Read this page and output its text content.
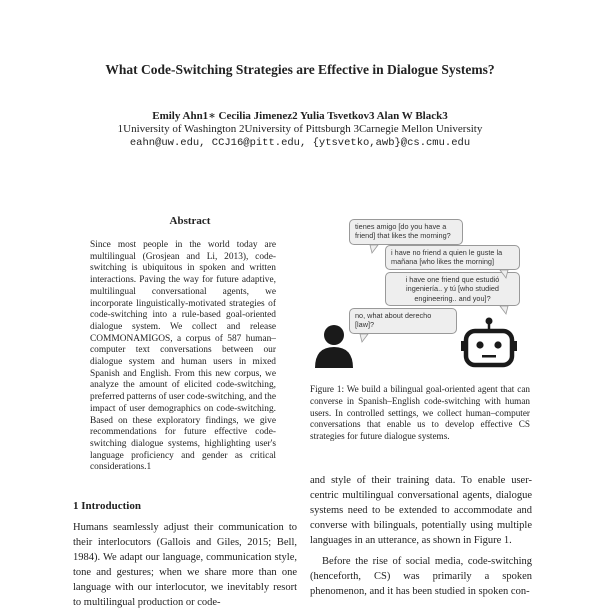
What Code-Switching Strategies are Effective in Dialogue Systems?
Emily Ahn1∗ Cecilia Jimenez2 Yulia Tsvetkov3 Alan W Black3
1University of Washington 2University of Pittsburgh 3Carnegie Mellon University
eahn@uw.edu, CCJ16@pitt.edu, {ytsvetko,awb}@cs.cmu.edu
Abstract
Since most people in the world today are multilingual (Grosjean and Li, 2013), code-switching is ubiquitous in spoken and written interactions. Paving the way for future adaptive, multilingual conversational agents, we incorporate linguistically-motivated strategies of code-switching into a rule-based goal-oriented dialogue system. We collect and release COMMONAMIGOS, a corpus of 587 human–computer text conversations between our dialogue system and human users in mixed Spanish and English. From this new corpus, we analyze the amount of elicited code-switching, preferred patterns of user code-switching, and the impact of user demographics on code-switching. Based on these exploratory findings, we give recommendations for future effective code-switching dialogue systems, highlighting user's language proficiency and gender as critical considerations.1
1 Introduction
Humans seamlessly adjust their communication to their interlocutors (Gallois and Giles, 2015; Bell, 1984). We adapt our language, communication style, tone and gestures; when we share more than one language with our interlocutor, we inevitably resort to multilingual production or code-
tienes amigo [do you have a friend] that likes the morning?
i have no friend a quien le guste la mañana [who likes the morning]
i have one friend que estudió ingeniería.. y tú [who studied engineering.. and you]?
no, what about derecho [law]?
Figure 1: We build a bilingual goal-oriented agent that can converse in Spanish–English code-switching with human users. In controlled settings, we collect human–computer conversations that enable us to develop effective CS strategies for future dialogue systems.
and style of their training data. To enable user-centric multilingual conversational agents, dialogue systems need to be extended to accommodate and converse with bilinguals, potentially using multiple languages in an utterance, as shown in Figure 1.
Before the rise of social media, code-switching (henceforth, CS) was primarily a spoken phenomenon, and it has been studied in spoken con-
